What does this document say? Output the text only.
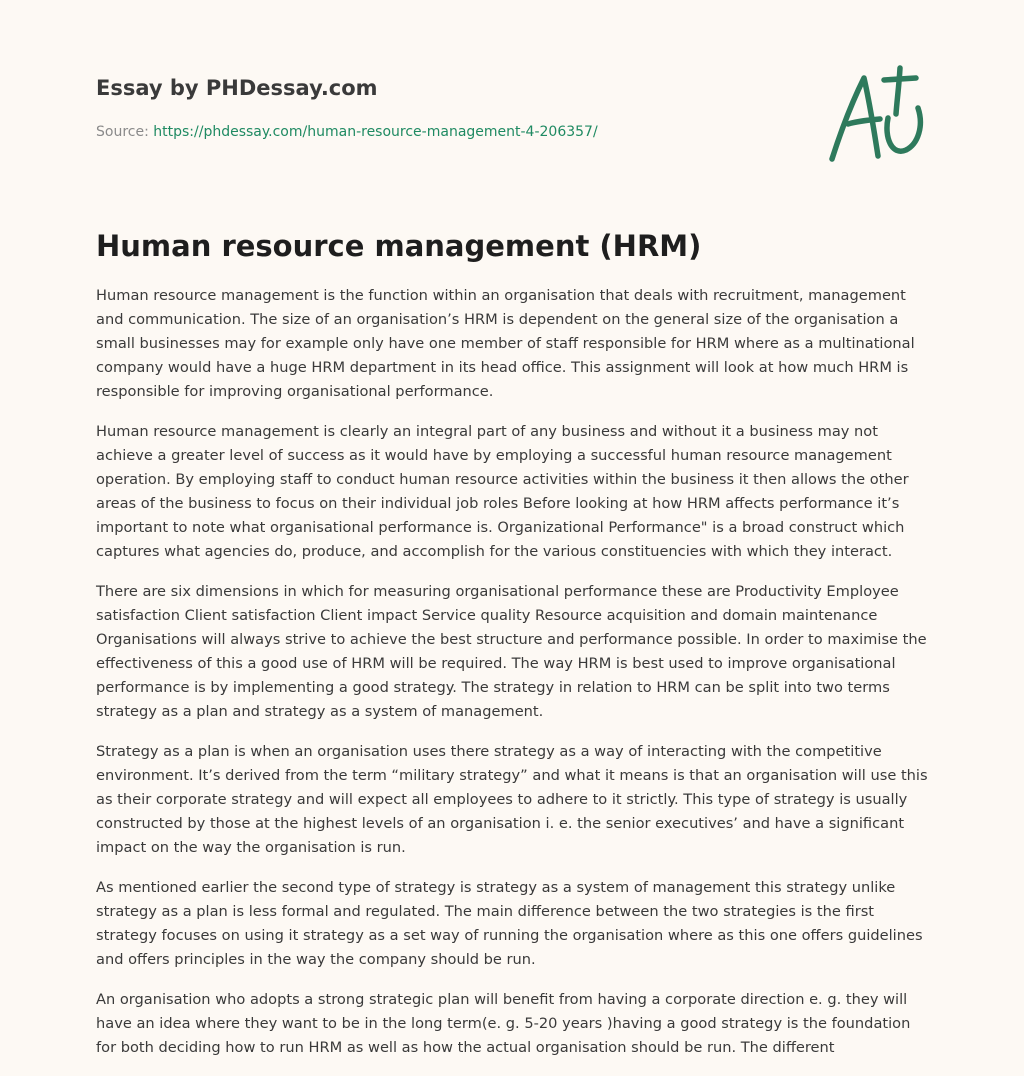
Essay by PHDessay.com
Source: https://phdessay.com/human-resource-management-4-206357/
Human resource management (HRM)

Human resource management is the function within an organisation that deals with recruitment, management and communication. The size of an organisation’s HRM is dependent on the general size of the organisation a small businesses may for example only have one member of staff responsible for HRM where as a multinational company would have a huge HRM department in its head office. This assignment will look at how much HRM is responsible for improving organisational performance.

Human resource management is clearly an integral part of any business and without it a business may not achieve a greater level of success as it would have by employing a successful human resource management operation. By employing staff to conduct human resource activities within the business it then allows the other areas of the business to focus on their individual job roles Before looking at how HRM affects performance it’s important to note what organisational performance is. Organizational Performance" is a broad construct which captures what agencies do, produce, and accomplish for the various constituencies with which they interact.

There are six dimensions in which for measuring organisational performance these are Productivity Employee satisfaction Client satisfaction Client impact Service quality Resource acquisition and domain maintenance Organisations will always strive to achieve the best structure and performance possible. In order to maximise the effectiveness of this a good use of HRM will be required. The way HRM is best used to improve organisational performance is by implementing a good strategy. The strategy in relation to HRM can be split into two terms strategy as a plan and strategy as a system of management.

Strategy as a plan is when an organisation uses there strategy as a way of interacting with the competitive environment. It’s derived from the term “military strategy” and what it means is that an organisation will use this as their corporate strategy and will expect all employees to adhere to it strictly. This type of strategy is usually constructed by those at the highest levels of an organisation i. e. the senior executives’ and have a significant impact on the way the organisation is run.

As mentioned earlier the second type of strategy is strategy as a system of management this strategy unlike strategy as a plan is less formal and regulated. The main difference between the two strategies is the first strategy focuses on using it strategy as a set way of running the organisation where as this one offers guidelines and offers principles in the way the company should be run.

An organisation who adopts a strong strategic plan will benefit from having a corporate direction e. g. they will have an idea where they want to be in the long term(e. g. 5-20 years )having a good strategy is the foundation for both deciding how to run HRM as well as how the actual organisation should be run. The different
